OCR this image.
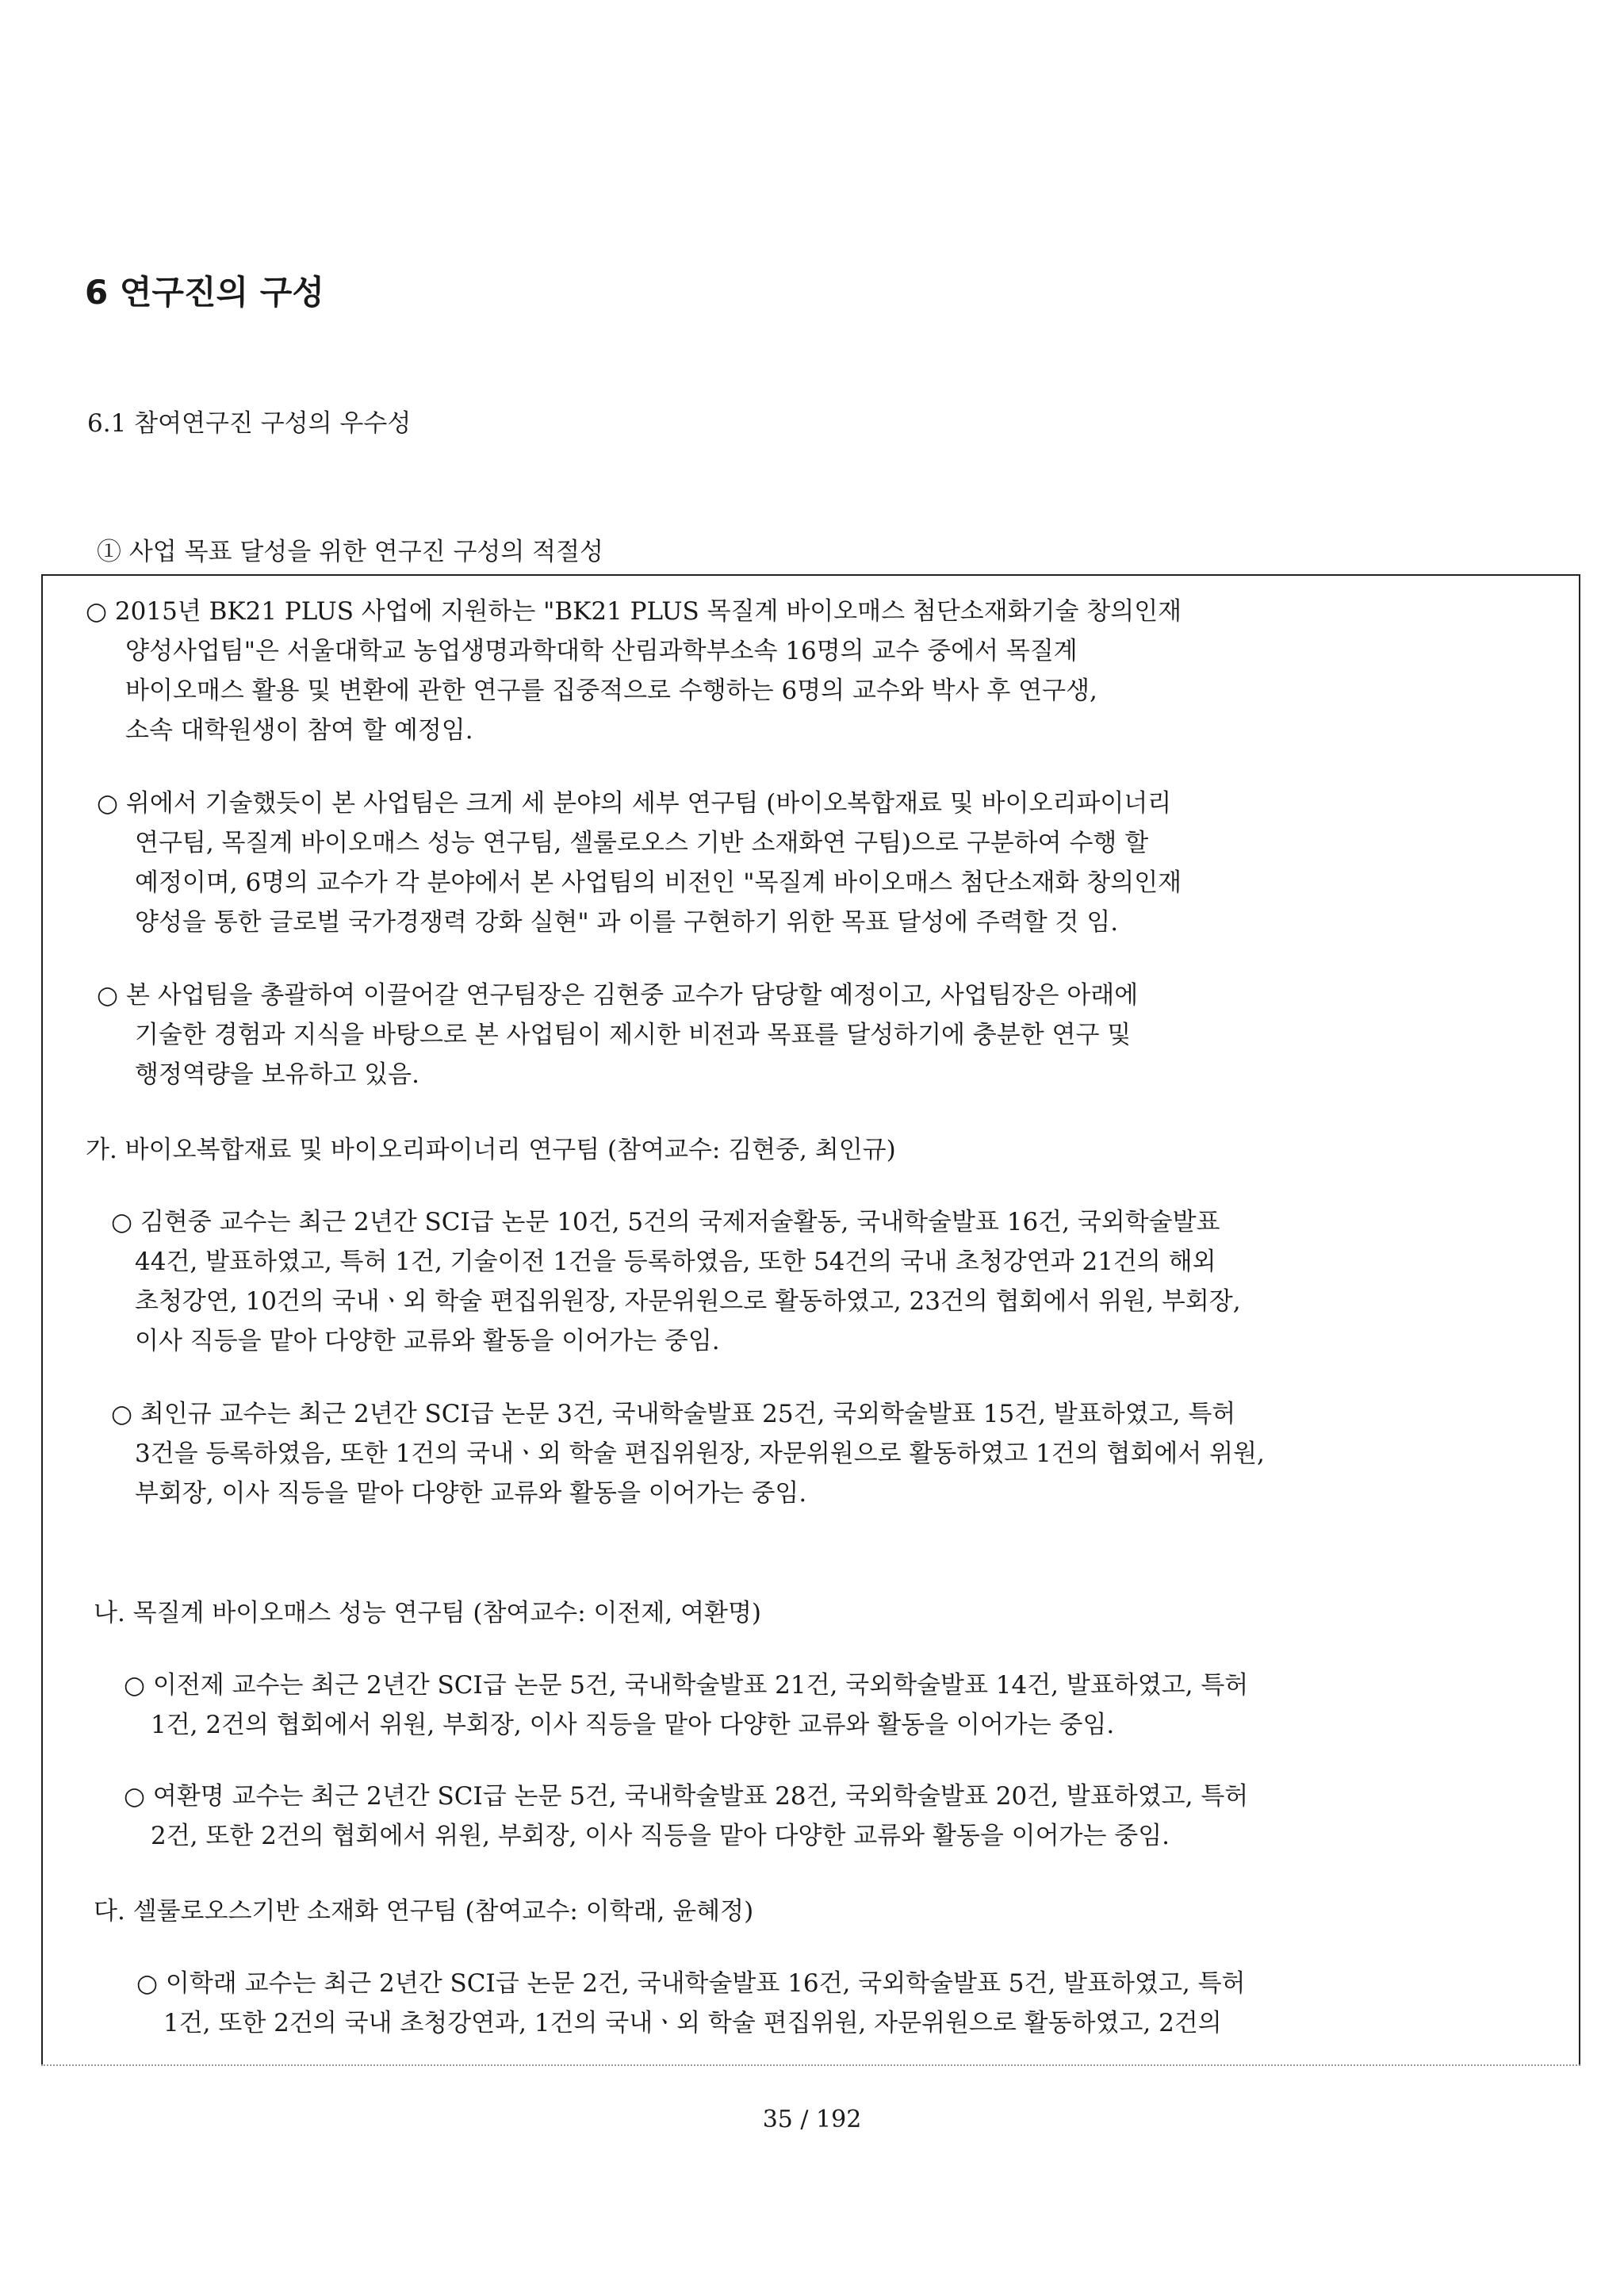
6 연구진의 구성
6.1 참여연구진 구성의 우수성
① 사업 목표 달성을 위한 연구진 구성의 적절성
○ 2015년 BK21 PLUS 사업에 지원하는 "BK21 PLUS 목질계 바이오매스 첨단소재화기술 창의인재
양성사업팀"은 서울대학교 농업생명과학대학 산림과학부소속 16명의 교수 중에서 목질계
바이오매스 활용 및 변환에 관한 연구를 집중적으로 수행하는 6명의 교수와 박사 후 연구생,
소속 대학원생이 참여 할 예정임.
○ 위에서 기술했듯이 본 사업팀은 크게 세 분야의 세부 연구팀 (바이오복합재료 및 바이오리파이너리
연구팀, 목질계 바이오매스 성능 연구팀, 셀룰로오스 기반 소재화연 구팀)으로 구분하여 수행 할
예정이며, 6명의 교수가 각 분야에서 본 사업팀의 비전인 "목질계 바이오매스 첨단소재화 창의인재
양성을 통한 글로벌 국가경쟁력 강화 실현" 과 이를 구현하기 위한 목표 달성에 주력할 것 임.
○ 본 사업팀을 총괄하여 이끌어갈 연구팀장은 김현중 교수가 담당할 예정이고, 사업팀장은 아래에
기술한 경험과 지식을 바탕으로 본 사업팀이 제시한 비전과 목표를 달성하기에 충분한 연구 및
행정역량을 보유하고 있음.

가. 바이오복합재료 및 바이오리파이너리 연구팀 (참여교수: 김현중, 최인규)

○ 김현중 교수는 최근 2년간 SCI급 논문 10건, 5건의 국제저술활동, 국내학술발표 16건, 국외학술발표
44건, 발표하였고, 특허 1건, 기술이전 1건을 등록하였음, 또한 54건의 국내 초청강연과 21건의 해외
초청강연, 10건의 국내ㆍ외 학술 편집위원장, 자문위원으로 활동하였고, 23건의 협회에서 위원, 부회장,
이사 직등을 맡아 다양한 교류와 활동을 이어가는 중임.
○ 최인규 교수는 최근 2년간 SCI급 논문 3건, 국내학술발표 25건, 국외학술발표 15건, 발표하였고, 특허
3건을 등록하였음, 또한 1건의 국내ㆍ외 학술 편집위원장, 자문위원으로 활동하였고 1건의 협회에서 위원,
부회장, 이사 직등을 맡아 다양한 교류와 활동을 이어가는 중임.

나. 목질계 바이오매스 성능 연구팀 (참여교수: 이전제, 여환명)

○ 이전제 교수는 최근 2년간 SCI급 논문 5건, 국내학술발표 21건, 국외학술발표 14건, 발표하였고, 특허
1건, 2건의 협회에서 위원, 부회장, 이사 직등을 맡아 다양한 교류와 활동을 이어가는 중임.
○ 여환명 교수는 최근 2년간 SCI급 논문 5건, 국내학술발표 28건, 국외학술발표 20건, 발표하였고, 특허
2건, 또한 2건의 협회에서 위원, 부회장, 이사 직등을 맡아 다양한 교류와 활동을 이어가는 중임.

다. 셀룰로오스기반 소재화 연구팀 (참여교수: 이학래, 윤혜정)

○ 이학래 교수는 최근 2년간 SCI급 논문 2건, 국내학술발표 16건, 국외학술발표 5건, 발표하였고, 특허
1건, 또한 2건의 국내 초청강연과, 1건의 국내ㆍ외 학술 편집위원, 자문위원으로 활동하였고, 2건의

35 / 192
